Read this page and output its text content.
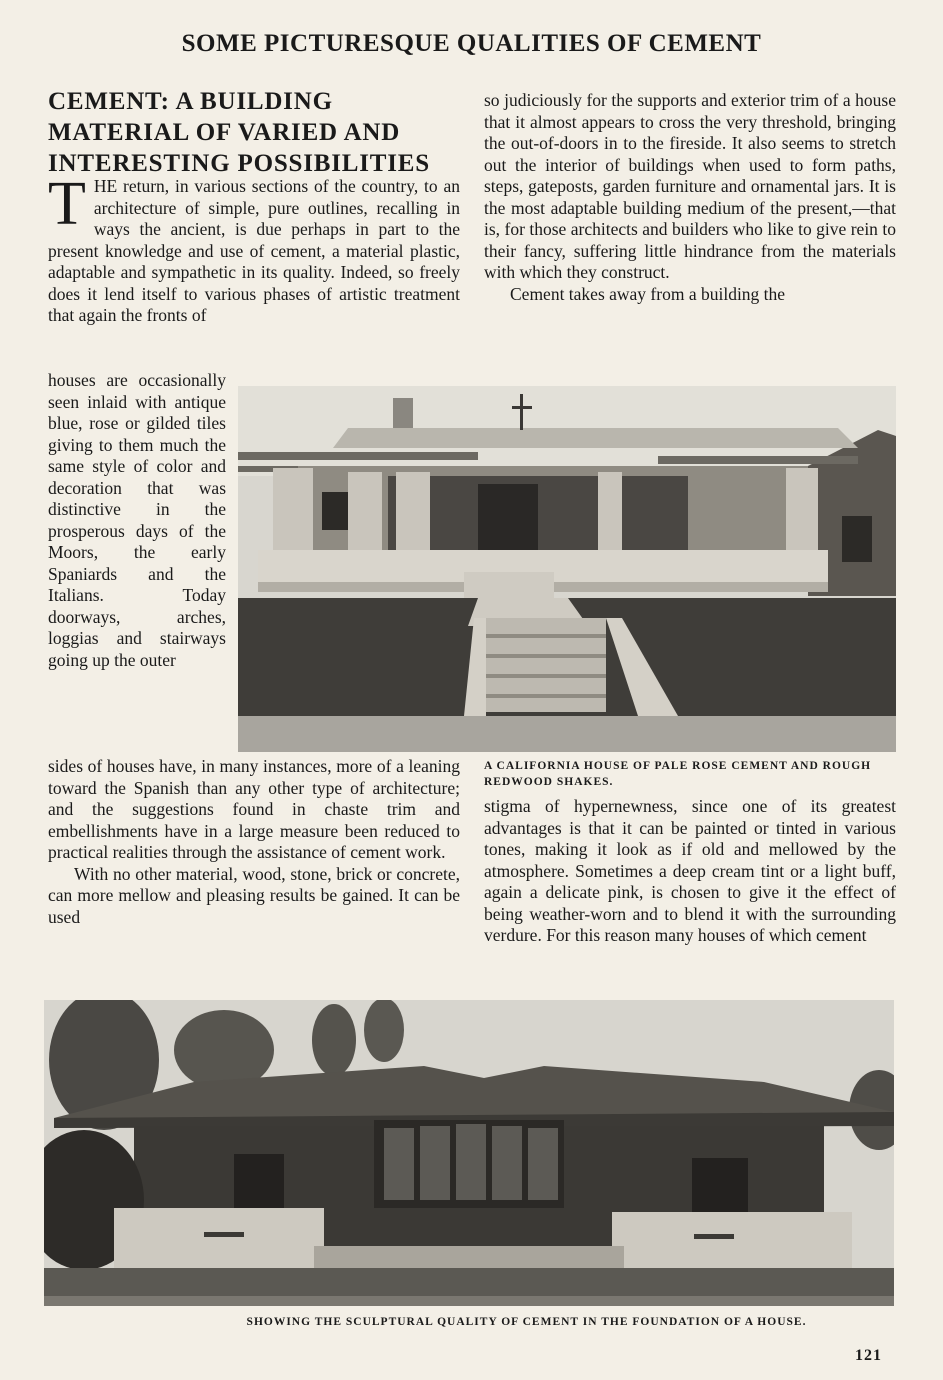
SOME PICTURESQUE QUALITIES OF CEMENT
CEMENT: A BUILDING MATERIAL OF VARIED AND INTERESTING POSSIBILITIES

THE return, in various sections of the country, to an architecture of simple, pure outlines, recalling in ways the ancient, is due perhaps in part to the present knowledge and use of cement, a material plastic, adaptable and sympathetic in its quality. Indeed, so freely does it lend itself to various phases of artistic treatment that again the fronts of

houses are occasionally seen inlaid with antique blue, rose or gilded tiles giving to them much the same style of color and decoration that was distinctive in the prosperous days of the Moors, the early Spaniards and the Italians. Today doorways, arches, loggias and stairways going up the outer

sides of houses have, in many instances, more of a leaning toward the Spanish than any other type of architecture; and the suggestions found in chaste trim and embellishments have in a large measure been reduced to practical realities through the assistance of cement work.

With no other material, wood, stone, brick or concrete, can more mellow and pleasing results be gained. It can be used

so judiciously for the supports and exterior trim of a house that it almost appears to cross the very threshold, bringing the out-of-doors in to the fireside. It also seems to stretch out the interior of buildings when used to form paths, steps, gateposts, garden furniture and ornamental jars. It is the most adaptable building medium of the present,—that is, for those architects and builders who like to give rein to their fancy, suffering little hindrance from the materials with which they construct.

Cement takes away from a building the

A CALIFORNIA HOUSE OF PALE ROSE CEMENT AND ROUGH REDWOOD SHAKES.

stigma of hypernewness, since one of its greatest advantages is that it can be painted or tinted in various tones, making it look as if old and mellowed by the atmosphere. Sometimes a deep cream tint or a light buff, again a delicate pink, is chosen to give it the effect of being weather-worn and to blend it with the surrounding verdure. For this reason many houses of which cement

SHOWING THE SCULPTURAL QUALITY OF CEMENT IN THE FOUNDATION OF A HOUSE.
121
